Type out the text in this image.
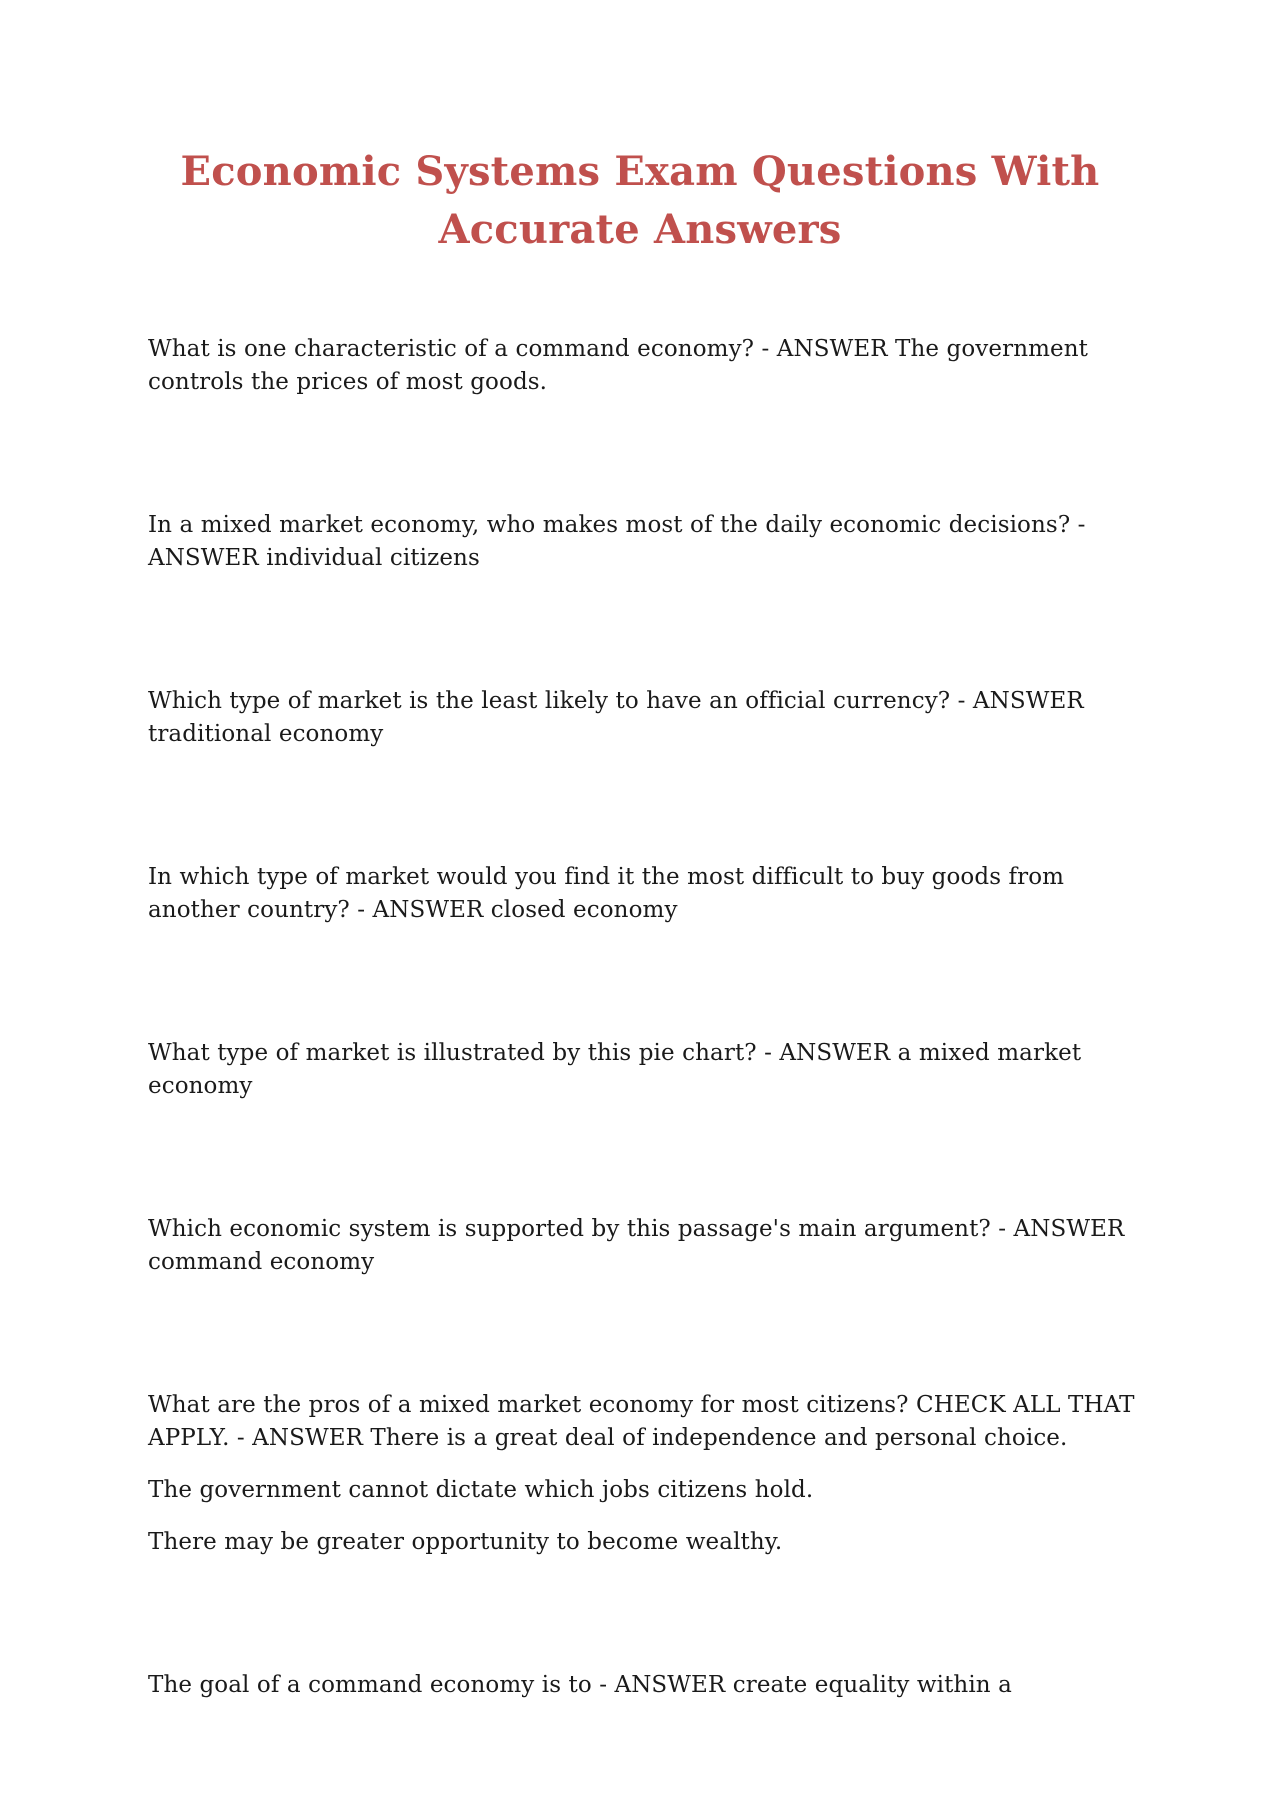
Economic Systems Exam Questions With
Accurate Answers

What is one characteristic of a command economy? - ANSWER The government controls the prices of most goods.

In a mixed market economy, who makes most of the daily economic decisions? - ANSWER individual citizens

Which type of market is the least likely to have an official currency? - ANSWER traditional economy

In which type of market would you find it the most difficult to buy goods from another country? - ANSWER closed economy

What type of market is illustrated by this pie chart? - ANSWER a mixed market economy

Which economic system is supported by this passage's main argument? - ANSWER command economy

What are the pros of a mixed market economy for most citizens? CHECK ALL THAT APPLY. - ANSWER There is a great deal of independence and personal choice.

The government cannot dictate which jobs citizens hold.

There may be greater opportunity to become wealthy.

The goal of a command economy is to - ANSWER create equality within a
